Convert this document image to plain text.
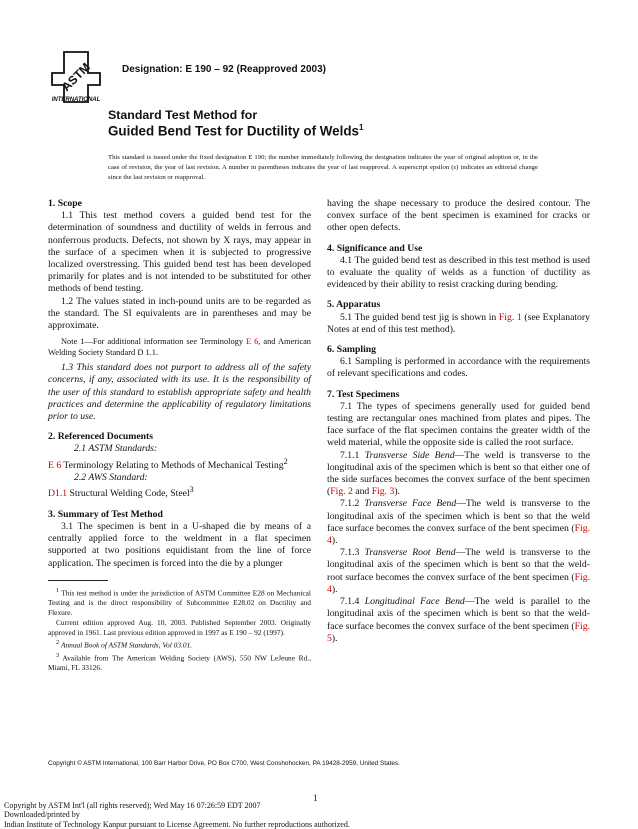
ASTM
INTERNATIONAL
Designation: E 190 – 92 (Reapproved 2003)
Standard Test Method for
Guided Bend Test for Ductility of Welds$^1$
This standard is issued under the fixed designation E 190; the number immediately following the designation indicates the year of original adoption or, in the case of revision, the year of last revision. A number in parentheses indicates the year of last reapproval. A superscript epsilon (ε) indicates an editorial change since the last revision or reapproval.

1. Scope

1.1 This test method covers a guided bend test for the determination of soundness and ductility of welds in ferrous and nonferrous products. Defects, not shown by X rays, may appear in the surface of a specimen when it is subjected to progressive localized overstressing. This guided bend test has been developed primarily for plates and is not intended to be substituted for other methods of bend testing.

1.2 The values stated in inch-pound units are to be regarded as the standard. The SI equivalents are in parentheses and may be approximate.

Note 1—For additional information see Terminology E 6, and American Welding Society Standard D 1.1.

1.3 This standard does not purport to address all of the safety concerns, if any, associated with its use. It is the responsibility of the user of this standard to establish appropriate safety and health practices and determine the applicability of regulatory limitations prior to use.

2. Referenced Documents

2.1 ASTM Standards:

E 6 Terminology Relating to Methods of Mechanical Testing$^2$

2.2 AWS Standard:

D1.1 Structural Welding Code, Steel$^3$

3. Summary of Test Method

3.1 The specimen is bent in a U-shaped die by means of a centrally applied force to the weldment in a flat specimen supported at two positions equidistant from the line of force application. The specimen is forced into the die by a plunger

$^1$ This test method is under the jurisdiction of ASTM Committee E28 on Mechanical Testing and is the direct responsibility of Subcommittee E28.02 on Ductility and Flexure.

Current edition approved Aug. 10, 2003. Published September 2003. Originally approved in 1961. Last previous edition approved in 1997 as E 190 – 92 (1997).

$^2$ Annual Book of ASTM Standards, Vol 03.01.

$^3$ Available from The American Welding Society (AWS), 550 NW LeJeune Rd., Miami, FL 33126.

having the shape necessary to produce the desired contour. The convex surface of the bent specimen is examined for cracks or other open defects.

4. Significance and Use

4.1 The guided bend test as described in this test method is used to evaluate the quality of welds as a function of ductility as evidenced by their ability to resist cracking during bending.

5. Apparatus

5.1 The guided bend test jig is shown in Fig. 1 (see Explanatory Notes at end of this test method).

6. Sampling

6.1 Sampling is performed in accordance with the requirements of relevant specifications and codes.

7. Test Specimens

7.1 The types of specimens generally used for guided bend testing are rectangular ones machined from plates and pipes. The face surface of the flat specimen contains the greater width of the weld material, while the opposite side is called the root surface.

7.1.1 Transverse Side Bend—The weld is transverse to the longitudinal axis of the specimen which is bent so that either one of the side surfaces becomes the convex surface of the bent specimen (Fig. 2 and Fig. 3).

7.1.2 Transverse Face Bend—The weld is transverse to the longitudinal axis of the specimen which is bent so that the weld face surface becomes the convex surface of the bent specimen (Fig. 4).

7.1.3 Transverse Root Bend—The weld is transverse to the longitudinal axis of the specimen which is bent so that the weld-root surface becomes the convex surface of the bent specimen (Fig. 4).

7.1.4 Longitudinal Face Bend—The weld is parallel to the longitudinal axis of the specimen which is bent so that the weld-face surface becomes the convex surface of the bent specimen (Fig. 5).

Copyright © ASTM International, 100 Barr Harbor Drive, PO Box C700, West Conshohocken, PA 19428-2959, United States.
1
Copyright by ASTM Int'l (all rights reserved); Wed May 16 07:26:59 EDT 2007
Downloaded/printed by
Indian Institute of Technology Kanpur pursuant to License Agreement. No further reproductions authorized.
